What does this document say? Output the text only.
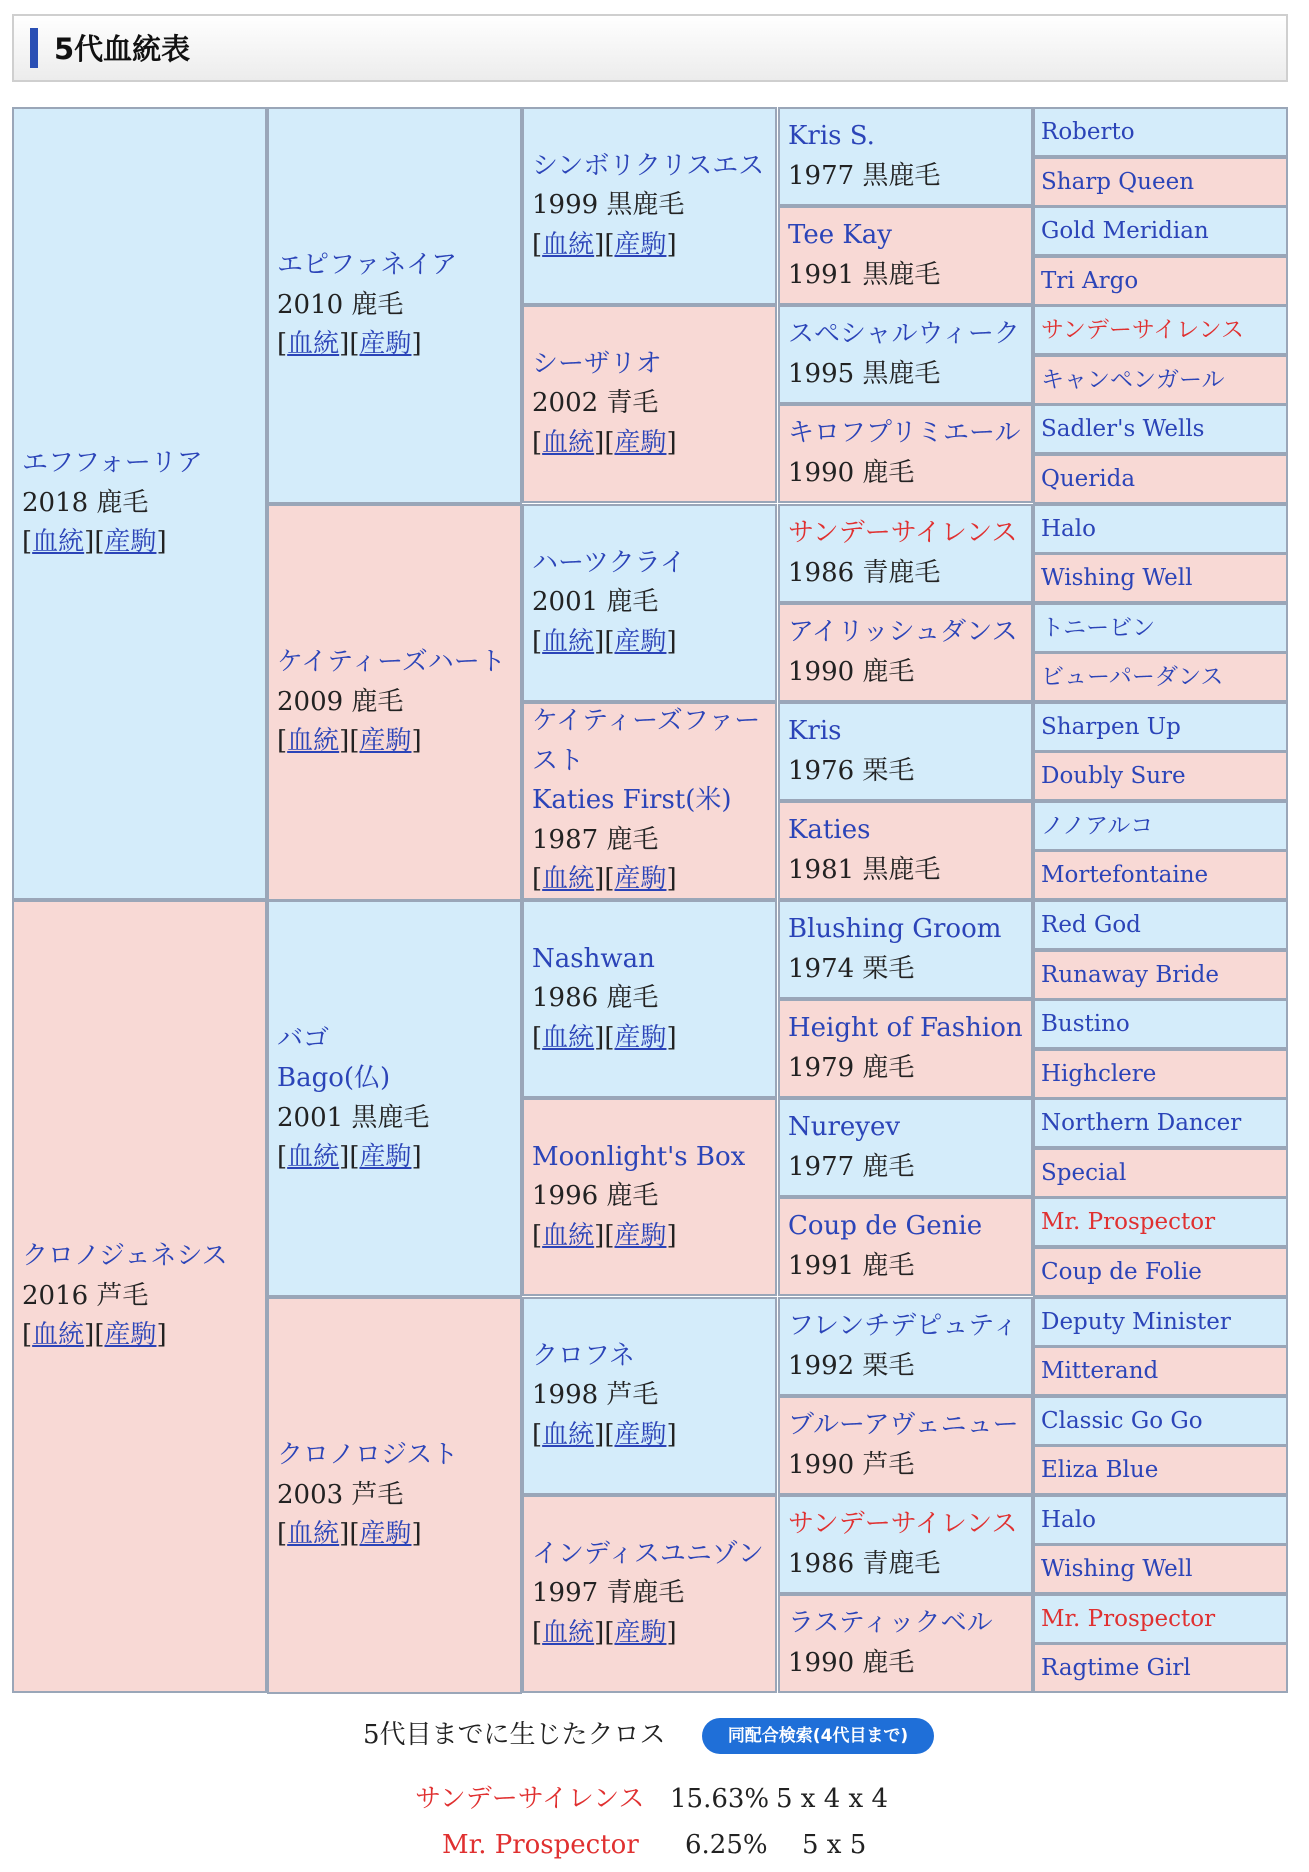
5代血統表
エフフォーリア
2018 鹿毛
[血統][産駒]
クロノジェネシス
2016 芦毛
[血統][産駒]
エピファネイア
2010 鹿毛
[血統][産駒]
ケイティーズハート
2009 鹿毛
[血統][産駒]
バゴ
Bago(仏)
2001 黒鹿毛
[血統][産駒]
クロノロジスト
2003 芦毛
[血統][産駒]
シンボリクリスエス
1999 黒鹿毛
[血統][産駒]
シーザリオ
2002 青毛
[血統][産駒]
ハーツクライ
2001 鹿毛
[血統][産駒]
ケイティーズファースト
Katies First(米)
1987 鹿毛
[血統][産駒]
Nashwan
1986 鹿毛
[血統][産駒]
Moonlight's Box
1996 鹿毛
[血統][産駒]
クロフネ
1998 芦毛
[血統][産駒]
インディスユニゾン
1997 青鹿毛
[血統][産駒]
Kris S.
1977 黒鹿毛
Tee Kay
1991 黒鹿毛
スペシャルウィーク
1995 黒鹿毛
キロフプリミエール
1990 鹿毛
サンデーサイレンス
1986 青鹿毛
アイリッシュダンス
1990 鹿毛
Kris
1976 栗毛
Katies
1981 黒鹿毛
Blushing Groom
1974 栗毛
Height of Fashion
1979 鹿毛
Nureyev
1977 鹿毛
Coup de Genie
1991 鹿毛
フレンチデピュティ
1992 栗毛
ブルーアヴェニュー
1990 芦毛
サンデーサイレンス
1986 青鹿毛
ラスティックベル
1990 鹿毛
Roberto
Sharp Queen
Gold Meridian
Tri Argo
サンデーサイレンス
キャンペンガール
Sadler's Wells
Querida
Halo
Wishing Well
トニービン
ビューパーダンス
Sharpen Up
Doubly Sure
ノノアルコ
Mortefontaine
Red God
Runaway Bride
Bustino
Highclere
Northern Dancer
Special
Mr. Prospector
Coup de Folie
Deputy Minister
Mitterand
Classic Go Go
Eliza Blue
Halo
Wishing Well
Mr. Prospector
Ragtime Girl
5代目までに生じたクロス	同配合検索(4代目まで)
サンデーサイレンス 15.63% 5 x 4 x 4
Mr. Prospector 6.25% 5 x 5
